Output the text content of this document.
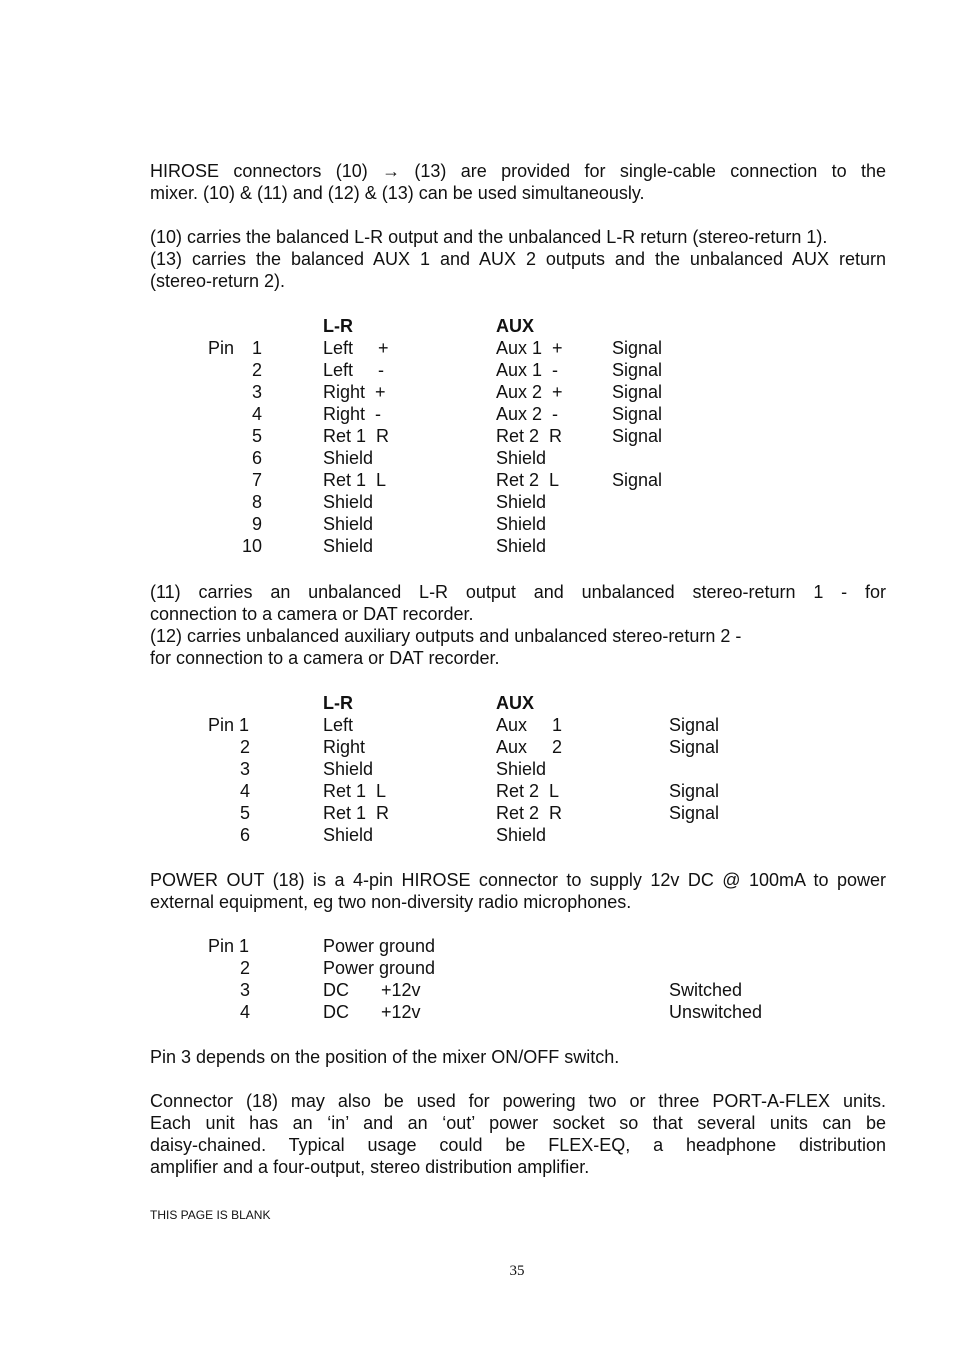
HIROSE connectors (10) → (13) are provided for single-cable connection to the
mixer. (10) & (11) and (12) & (13) can be used simultaneously.
(10) carries the balanced L-R output and the unbalanced L-R return (stereo-return 1).
(13) carries the balanced AUX 1 and AUX 2 outputs and the unbalanced AUX return
(stereo-return 2).
L-R	AUX
Pin 1	Left     +	Aux 1  +	Signal
2	Left     -	Aux 1  -	Signal
3	Right  +	Aux 2  +	Signal
4	Right  -	Aux 2  -	Signal
5	Ret 1  R	Ret 2  R	Signal
6	Shield	Shield
7	Ret 1  L	Ret 2  L	Signal
8	Shield	Shield
9	Shield	Shield
10	Shield	Shield
(11) carries an unbalanced L-R output and unbalanced stereo-return 1 - for
connection to a camera or DAT recorder.
(12) carries unbalanced auxiliary outputs and unbalanced stereo-return 2 -
for connection to a camera or DAT recorder.
L-R	AUX
Pin 1	Left	Aux     1	Signal
2	Right	Aux     2	Signal
3	Shield	Shield
4	Ret 1  L	Ret 2  L	Signal
5	Ret 1  R	Ret 2  R	Signal
6	Shield	Shield
POWER OUT (18) is a 4-pin HIROSE connector to supply 12v DC @ 100mA to power
external equipment, eg two non-diversity radio microphones.
Pin 1	Power ground
2	Power ground
3	DC +12v	Switched
4	DC +12v	Unswitched
Pin 3 depends on the position of the mixer ON/OFF switch.
Connector (18) may also be used for powering two or three PORT-A-FLEX units.
Each unit has an ‘in’ and an ‘out’ power socket so that several units can be
daisy-chained. Typical usage could be FLEX-EQ, a headphone distribution
amplifier and a four-output, stereo distribution amplifier.
THIS PAGE IS BLANK
35
